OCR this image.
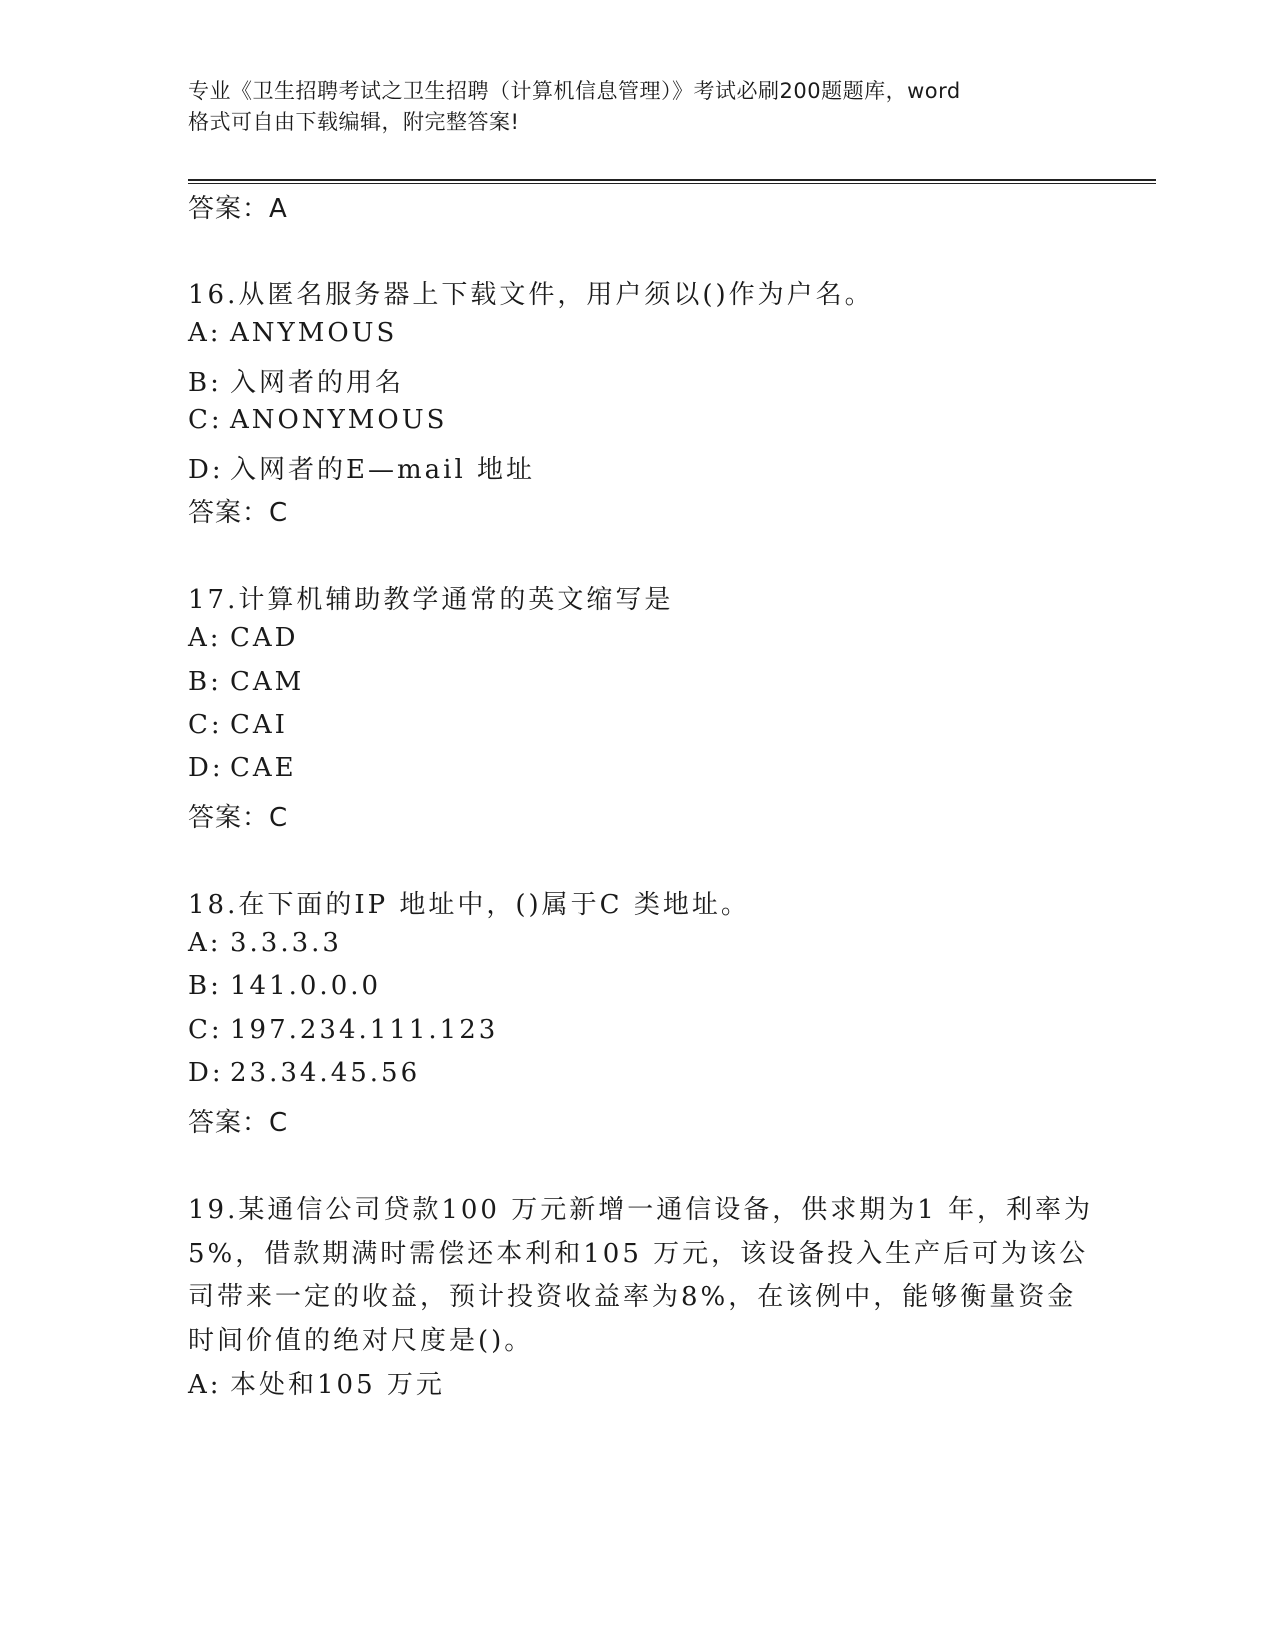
专业《卫生招聘考试之卫生招聘（计算机信息管理）》考试必刷200题题库，word
格式可自由下载编辑，附完整答案!
答案：A
16.从匿名服务器上下载文件，用户须以()作为户名。
A: ANYMOUS
B: 入网者的用名
C: ANONYMOUS
D: 入网者的E—mail 地址
答案：C
17.计算机辅助教学通常的英文缩写是
A: CAD
B: CAM
C: CAI
D: CAE
答案：C
18.在下面的IP 地址中，()属于C 类地址。
A: 3.3.3.3
B: 141.0.0.0
C: 197.234.111.123
D: 23.34.45.56
答案：C
19.某通信公司贷款100 万元新增一通信设备，供求期为1 年，利率为
5%，借款期满时需偿还本利和105 万元，该设备投入生产后可为该公
司带来一定的收益，预计投资收益率为8%，在该例中，能够衡量资金
时间价值的绝对尺度是()。
A: 本处和105 万元
